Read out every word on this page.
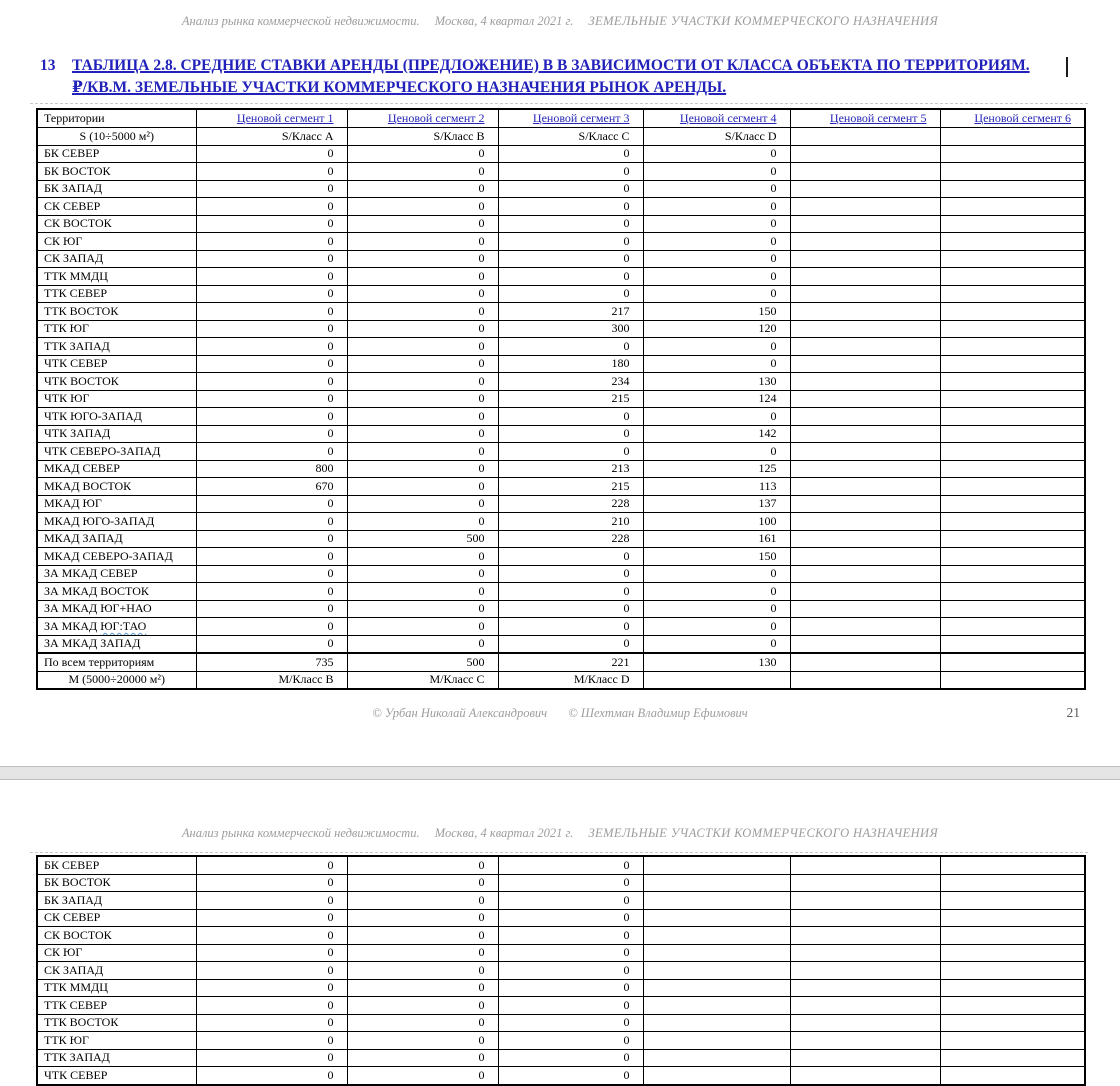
Анализ рынка коммерческой недвижимости. Москва, 4 квартал 2021 г. ЗЕМЕЛЬНЫЕ УЧАСТКИ КОММЕРЧЕСКОГО НАЗНАЧЕНИЯ
13 ТАБЛИЦА 2.8. СРЕДНИЕ СТАВКИ АРЕНДЫ (ПРЕДЛОЖЕНИЕ) В В ЗАВИСИМОСТИ ОТ КЛАССА ОБЪЕКТА ПО ТЕРРИТОРИЯМ.
₽/КВ.М. ЗЕМЕЛЬНЫЕ УЧАСТКИ КОММЕРЧЕСКОГО НАЗНАЧЕНИЯ РЫНОК АРЕНДЫ.
Территории	Ценовой сегмент 1	Ценовой сегмент 2	Ценовой сегмент 3	Ценовой сегмент 4	Ценовой сегмент 5	Ценовой сегмент 6
S (10÷5000 м²)	S/Класс A	S/Класс B	S/Класс C	S/Класс D		
БК СЕВЕР	0	0	0	0		
БК ВОСТОК	0	0	0	0		
БК ЗАПАД	0	0	0	0		
СК СЕВЕР	0	0	0	0		
СК ВОСТОК	0	0	0	0		
СК ЮГ	0	0	0	0		
СК ЗАПАД	0	0	0	0		
ТТК ММДЦ	0	0	0	0		
ТТК СЕВЕР	0	0	0	0		
ТТК ВОСТОК	0	0	217	150		
ТТК ЮГ	0	0	300	120		
ТТК ЗАПАД	0	0	0	0		
ЧТК СЕВЕР	0	0	180	0		
ЧТК ВОСТОК	0	0	234	130		
ЧТК ЮГ	0	0	215	124		
ЧТК ЮГО-ЗАПАД	0	0	0	0		
ЧТК ЗАПАД	0	0	0	142		
ЧТК СЕВЕРО-ЗАПАД	0	0	0	0		
МКАД СЕВЕР	800	0	213	125		
МКАД ВОСТОК	670	0	215	113		
МКАД ЮГ	0	0	228	137		
МКАД ЮГО-ЗАПАД	0	0	210	100		
МКАД ЗАПАД	0	500	228	161		
МКАД СЕВЕРО-ЗАПАД	0	0	0	150		
ЗА МКАД СЕВЕР	0	0	0	0		
ЗА МКАД ВОСТОК	0	0	0	0		
ЗА МКАД ЮГ+НАО	0	0	0	0		
ЗА МКАД ЮГ:ТАО	0	0	0	0		
ЗА МКАД ЗАПАД	0	0	0	0		
По всем территориям	735	500	221	130		
М (5000÷20000 м²)	М/Класс B	М/Класс C	М/Класс D			
© Урбан Николай Александрович © Шехтман Владимир Ефимович	21
Анализ рынка коммерческой недвижимости. Москва, 4 квартал 2021 г. ЗЕМЕЛЬНЫЕ УЧАСТКИ КОММЕРЧЕСКОГО НАЗНАЧЕНИЯ
БК СЕВЕР	0	0	0			
БК ВОСТОК	0	0	0			
БК ЗАПАД	0	0	0			
СК СЕВЕР	0	0	0			
СК ВОСТОК	0	0	0			
СК ЮГ	0	0	0			
СК ЗАПАД	0	0	0			
ТТК ММДЦ	0	0	0			
ТТК СЕВЕР	0	0	0			
ТТК ВОСТОК	0	0	0			
ТТК ЮГ	0	0	0			
ТТК ЗАПАД	0	0	0			
ЧТК СЕВЕР	0	0	0			
